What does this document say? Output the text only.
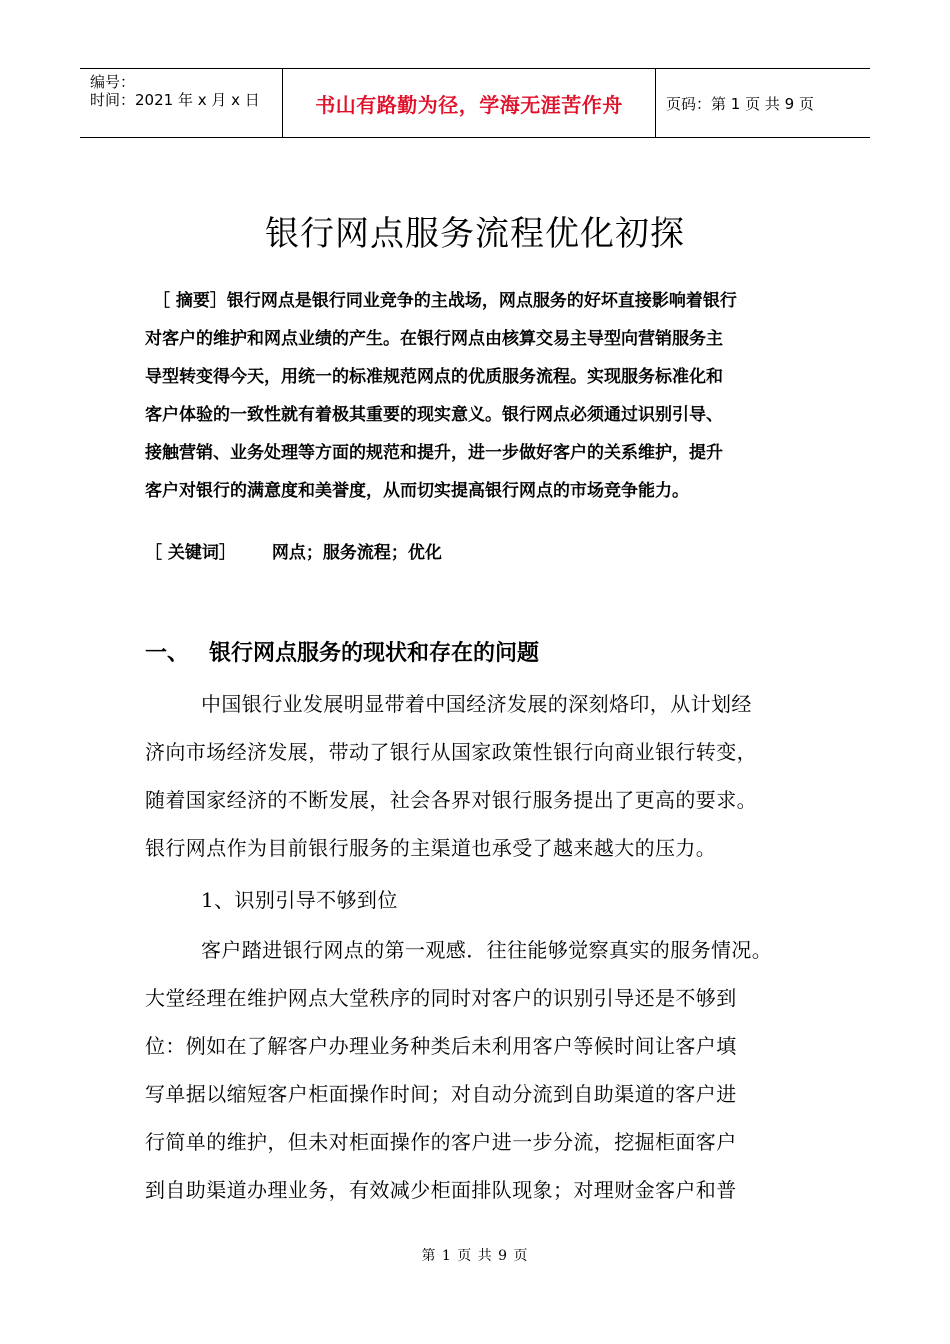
编号：
时间：2021 年 x 月 x 日	书山有路勤为径，学海无涯苦作舟	页码：第 1 页 共 9 页
银行网点服务流程优化初探
［ 摘要］银行网点是银行同业竞争的主战场，网点服务的好坏直接影响着银行
对客户的维护和网点业绩的产生。在银行网点由核算交易主导型向营销服务主
导型转变得今天，用统一的标准规范网点的优质服务流程。实现服务标准化和
客户体验的一致性就有着极其重要的现实意义。银行网点必须通过识别引导、
接触营销、业务处理等方面的规范和提升，进一步做好客户的关系维护，提升
客户对银行的满意度和美誉度，从而切实提高银行网点的市场竞争能力。
［ 关键词］ 网点；服务流程；优化
一、 银行网点服务的现状和存在的问题
中国银行业发展明显带着中国经济发展的深刻烙印，从计划经
济向市场经济发展，带动了银行从国家政策性银行向商业银行转变，
随着国家经济的不断发展，社会各界对银行服务提出了更高的要求。
银行网点作为目前银行服务的主渠道也承受了越来越大的压力。
1、识别引导不够到位
客户踏进银行网点的第一观感．往往能够觉察真实的服务情况。
大堂经理在维护网点大堂秩序的同时对客户的识别引导还是不够到
位：例如在了解客户办理业务种类后未利用客户等候时间让客户填
写单据以缩短客户柜面操作时间；对自动分流到自助渠道的客户进
行简单的维护，但未对柜面操作的客户进一步分流，挖掘柜面客户
到自助渠道办理业务，有效减少柜面排队现象；对理财金客户和普
第 1 页 共 9 页
